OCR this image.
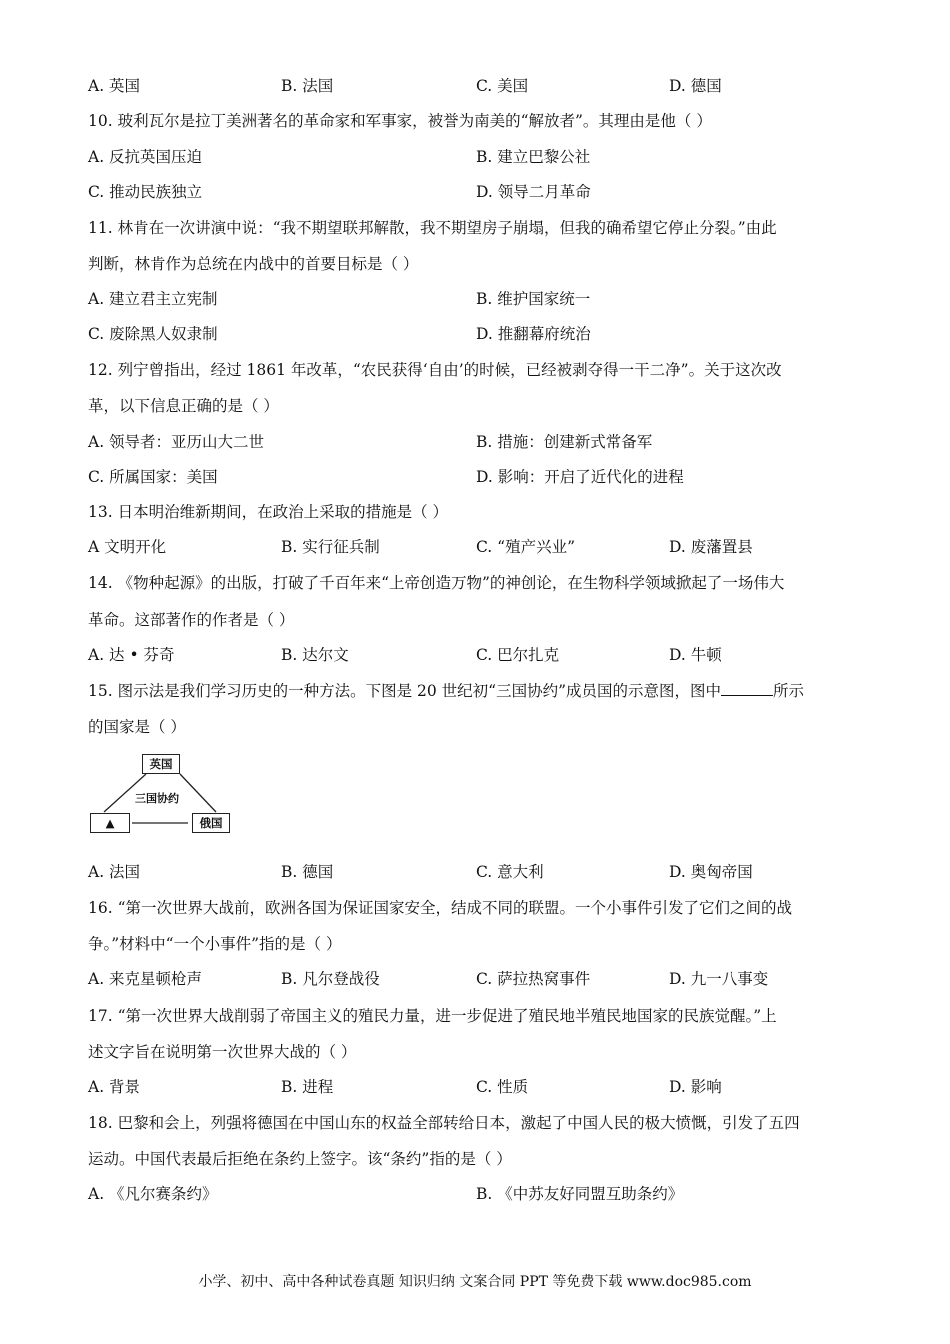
A. 英国	B. 法国	C. 美国	D. 德国
10. 玻利瓦尔是拉丁美洲著名的革命家和军事家，被誉为南美的“解放者”。其理由是他（ ）
A. 反抗英国压迫	B. 建立巴黎公社
C. 推动民族独立	D. 领导二月革命
11. 林肯在一次讲演中说：“我不期望联邦解散，我不期望房子崩塌，但我的确希望它停止分裂。”由此
判断，林肯作为总统在内战中的首要目标是（ ）
A. 建立君主立宪制	B. 维护国家统一
C. 废除黑人奴隶制	D. 推翻幕府统治
12. 列宁曾指出，经过 1861 年改革，“农民获得‘自由’的时候，已经被剥夺得一干二净”。关于这次改
革，以下信息正确的是（ ）
A. 领导者：亚历山大二世	B. 措施：创建新式常备军
C. 所属国家：美国	D. 影响：开启了近代化的进程
13. 日本明治维新期间，在政治上采取的措施是（ ）
A 文明开化	B. 实行征兵制	C. “殖产兴业”	D. 废藩置县
14. 《物种起源》的出版，打破了千百年来“上帝创造万物”的神创论，在生物科学领域掀起了一场伟大
革命。这部著作的作者是（ ）
A. 达 • 芬奇	B. 达尔文	C. 巴尔扎克	D. 牛顿
15. 图示法是我们学习历史的一种方法。下图是 20 世纪初“三国协约”成员国的示意图，图中	所示
的国家是（ ）
英国
三国协约
▲	俄国
A. 法国	B. 德国	C. 意大利	D. 奥匈帝国
16. “第一次世界大战前，欧洲各国为保证国家安全，结成不同的联盟。一个小事件引发了它们之间的战
争。”材料中“一个小事件”指的是（ ）
A. 来克星顿枪声	B. 凡尔登战役	C. 萨拉热窝事件	D. 九一八事变
17. “第一次世界大战削弱了帝国主义的殖民力量，进一步促进了殖民地半殖民地国家的民族觉醒。”上
述文字旨在说明第一次世界大战的（ ）
A. 背景	B. 进程	C. 性质	D. 影响
18. 巴黎和会上，列强将德国在中国山东的权益全部转给日本，激起了中国人民的极大愤慨，引发了五四
运动。中国代表最后拒绝在条约上签字。该“条约”指的是（ ）
A. 《凡尔赛条约》	B. 《中苏友好同盟互助条约》
小学、初中、高中各种试卷真题 知识归纳 文案合同 PPT 等免费下载 www.doc985.com
